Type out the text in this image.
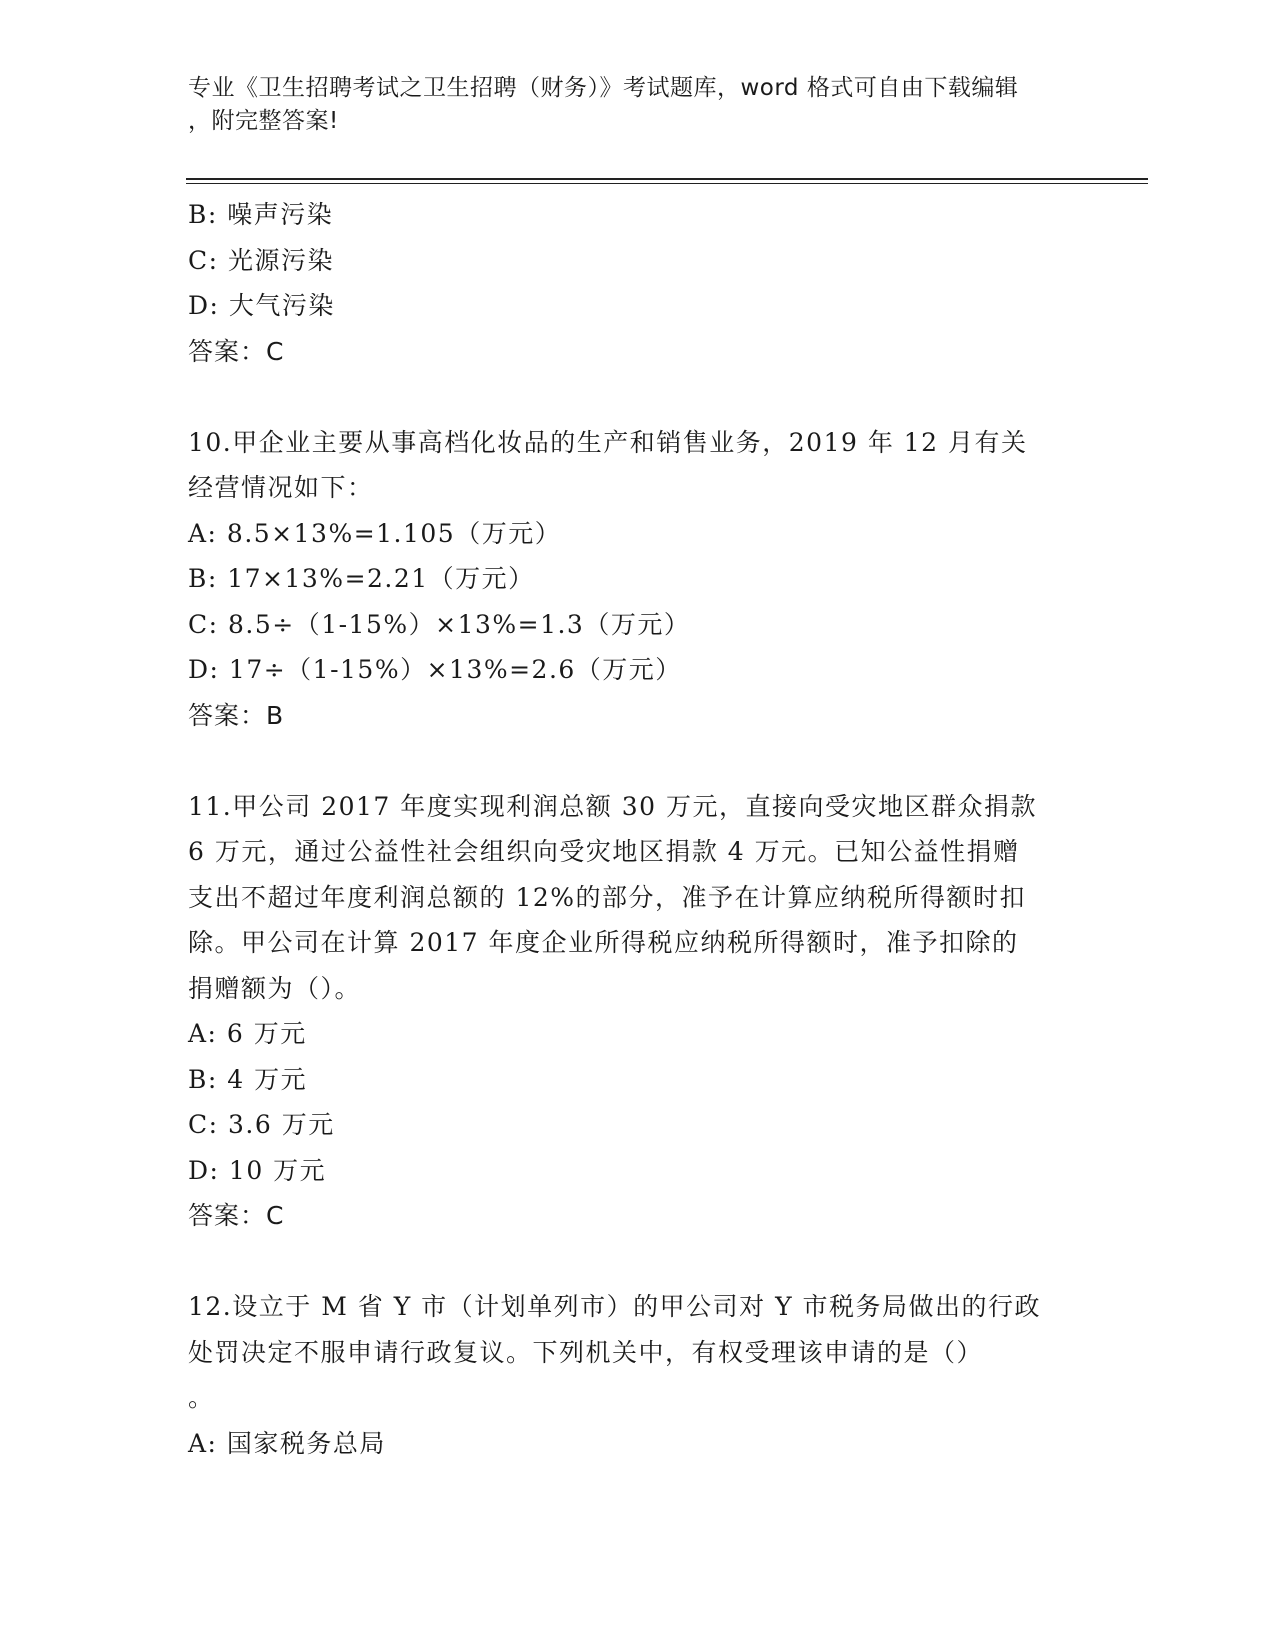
专业《卫生招聘考试之卫生招聘（财务）》考试题库，word 格式可自由下载编辑
，附完整答案!
B: 噪声污染
C: 光源污染
D: 大气污染
答案：C
10.甲企业主要从事高档化妆品的生产和销售业务，2019 年 12 月有关
经营情况如下：
A: 8.5×13%=1.105（万元）
B: 17×13%=2.21（万元）
C: 8.5÷（1-15%）×13%=1.3（万元）
D: 17÷（1-15%）×13%=2.6（万元）
答案：B
11.甲公司 2017 年度实现利润总额 30 万元，直接向受灾地区群众捐款
6 万元，通过公益性社会组织向受灾地区捐款 4 万元。已知公益性捐赠
支出不超过年度利润总额的 12%的部分，准予在计算应纳税所得额时扣
除。甲公司在计算 2017 年度企业所得税应纳税所得额时，准予扣除的
捐赠额为（）。
A: 6 万元
B: 4 万元
C: 3.6 万元
D: 10 万元
答案：C
12.设立于 M 省 Y 市（计划单列市）的甲公司对 Y 市税务局做出的行政
处罚决定不服申请行政复议。下列机关中，有权受理该申请的是（）
。
A: 国家税务总局
